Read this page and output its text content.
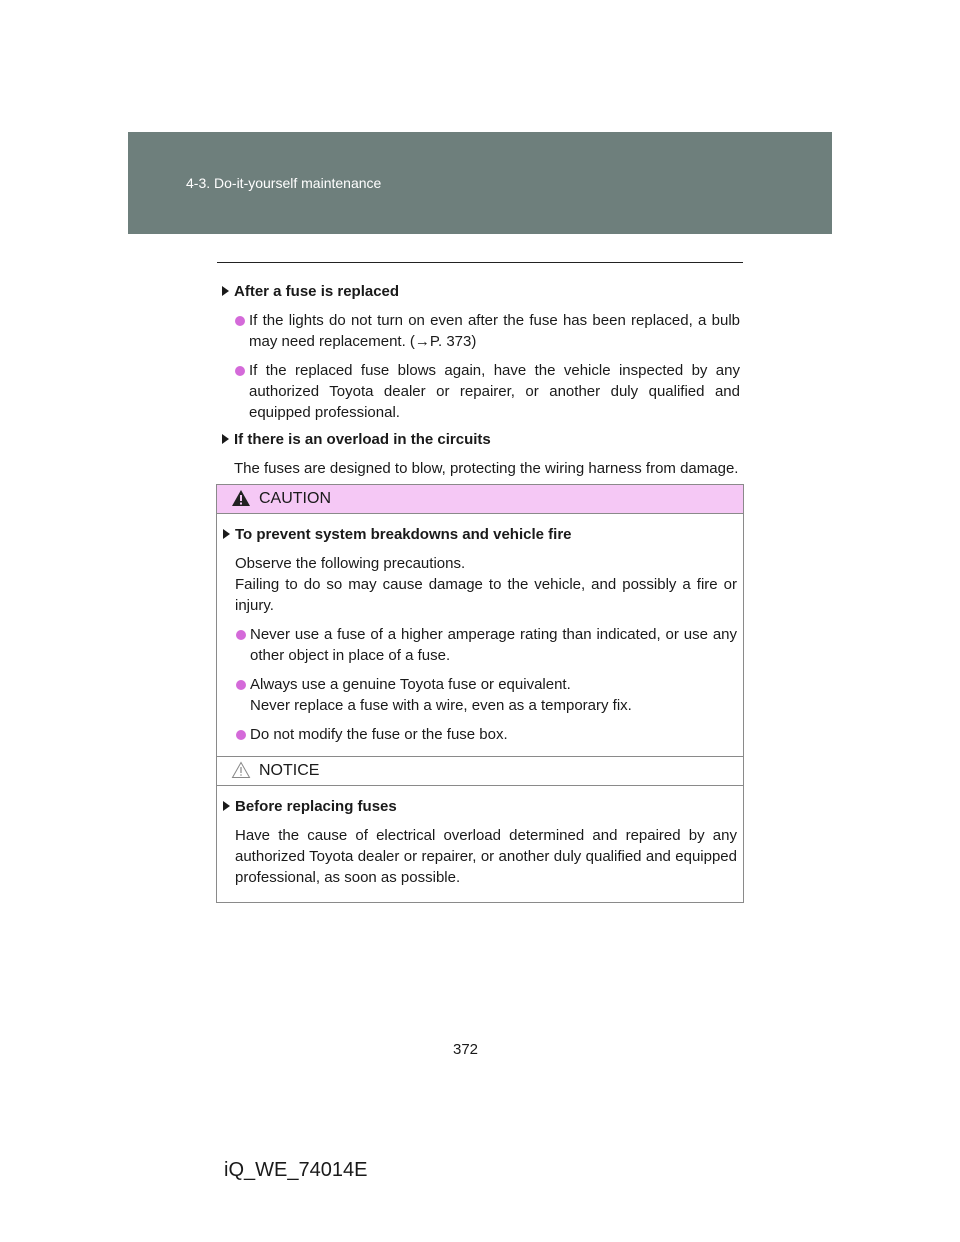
4-3. Do-it-yourself maintenance
After a fuse is replaced
If the lights do not turn on even after the fuse has been replaced, a bulb may need replacement. (→P. 373)
If the replaced fuse blows again, have the vehicle inspected by any authorized Toyota dealer or repairer, or another duly qualified and equipped professional.
If there is an overload in the circuits
The fuses are designed to blow, protecting the wiring harness from damage.
CAUTION
To prevent system breakdowns and vehicle fire
Observe the following precautions.
Failing to do so may cause damage to the vehicle, and possibly a fire or injury.
Never use a fuse of a higher amperage rating than indicated, or use any other object in place of a fuse.
Always use a genuine Toyota fuse or equivalent.
Never replace a fuse with a wire, even as a temporary fix.
Do not modify the fuse or the fuse box.
NOTICE
Before replacing fuses
Have the cause of electrical overload determined and repaired by any authorized Toyota dealer or repairer, or another duly qualified and equipped professional, as soon as possible.
372
iQ_WE_74014E
